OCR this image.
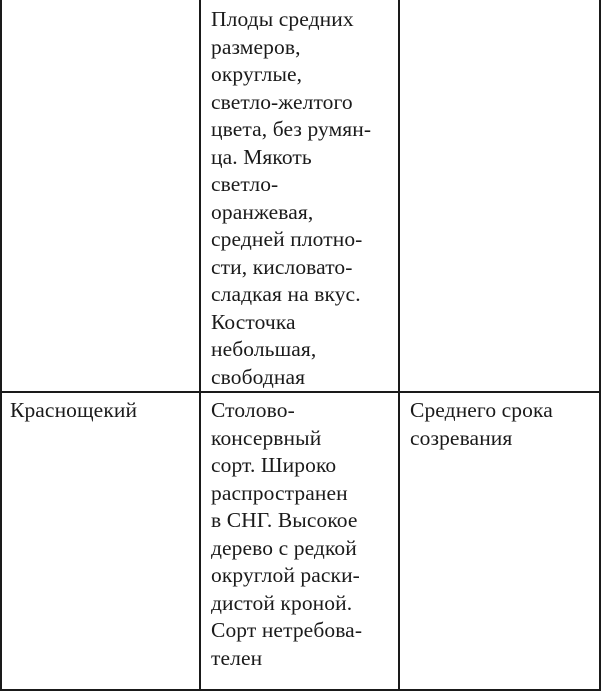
Плоды средних
размеров,
округлые,
светло-желтого
цвета, без румян-
ца. Мякоть
светло-
оранжевая,
средней плотно-
сти, кисловато-
сладкая на вкус.
Косточка
небольшая,
свободная
Краснощекий	Столово-
консервный
сорт. Широко
распространен
в СНГ. Высокое
дерево с редкой
округлой раски-
дистой кроной.
Сорт нетребова-
телен
Среднего срока
созревания
